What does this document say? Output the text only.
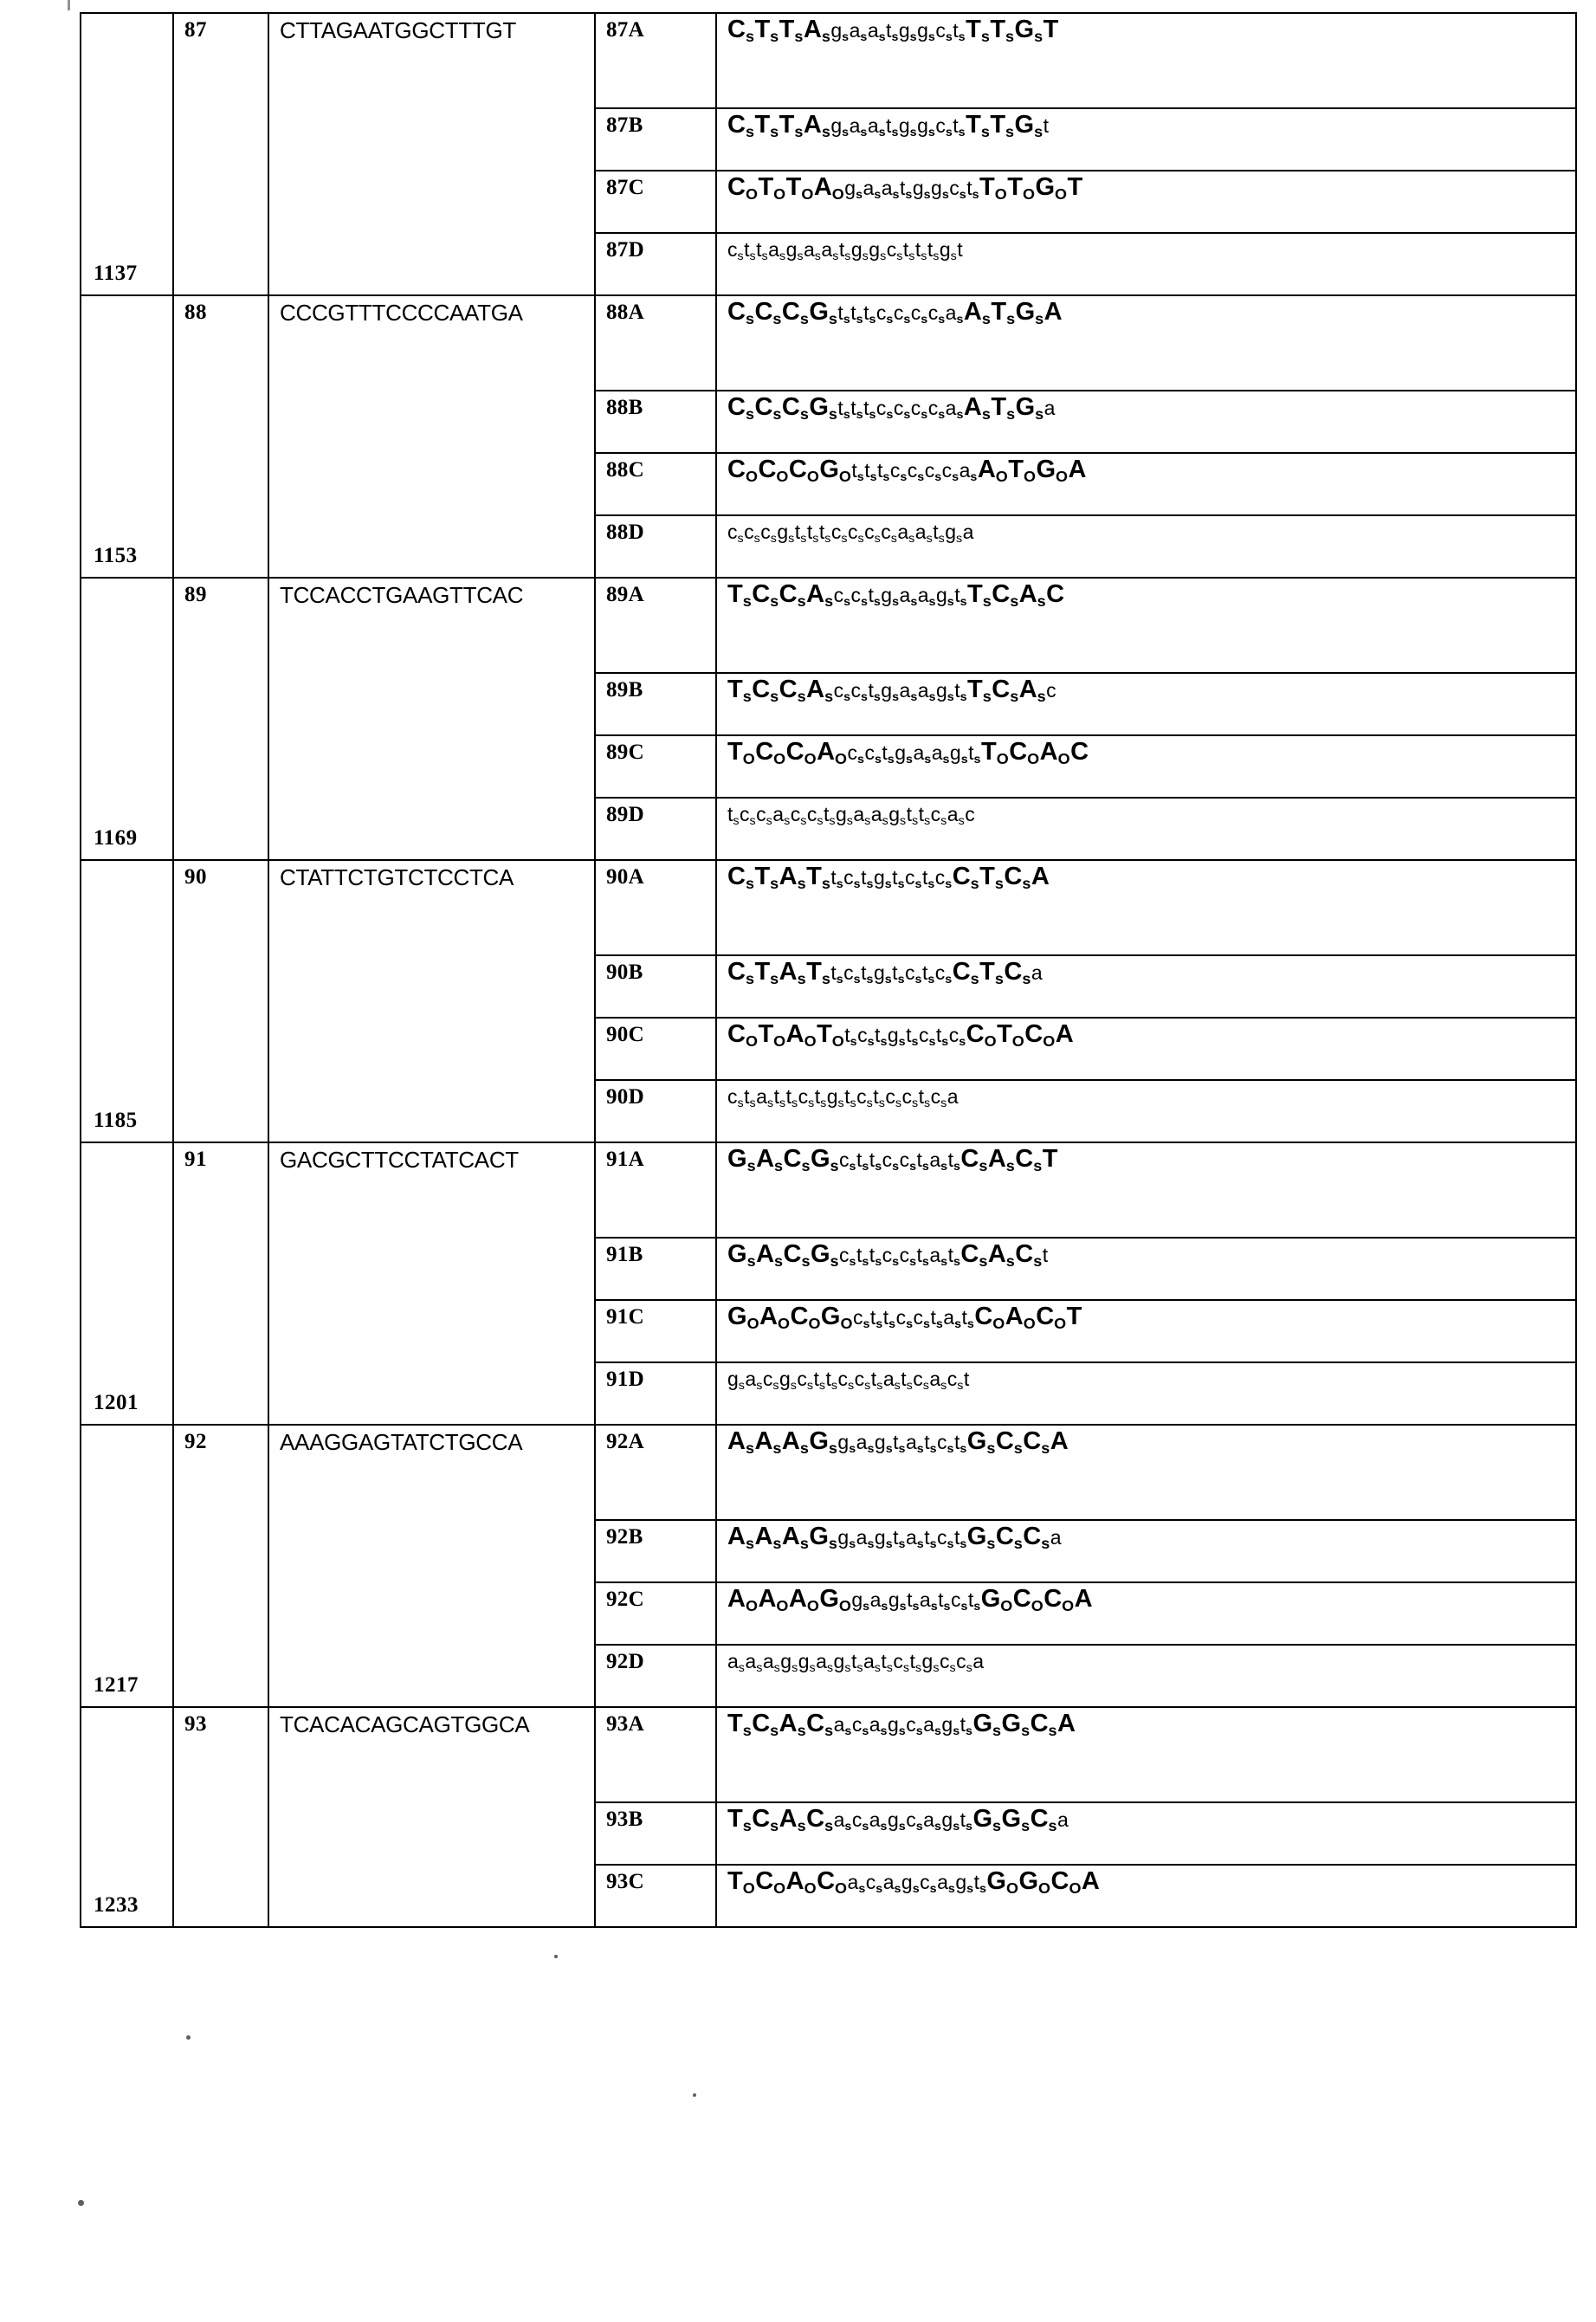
1137	87	CTTAGAATGGCTTTGT	87A	$C_sT_sT_sA_sg_sa_sa_st_sg_sg_sc_st_sT_sT_sG_sT$

			87B	$C_sT_sT_sA_sg_sa_sa_st_sg_sg_sc_st_sT_sT_sG_st$

			87C	$C_OT_OT_OA_Og_sa_sa_st_sg_sg_sc_st_sT_OT_OG_OT$

			87D	$c_st_st_sa_sg_sa_sa_st_sg_sg_sc_st_st_st_sg_st$

1153	88	CCCGTTTCCCCAATGA	88A	$C_sC_sC_sG_st_st_st_sc_sc_sc_sc_sa_sA_sT_sG_sA$

			88B	$C_sC_sC_sG_st_st_st_sc_sc_sc_sc_sa_sA_sT_sG_sa$

			88C	$C_OC_OC_OG_Ot_st_st_sc_sc_sc_sc_sa_sA_OT_OG_OA$

			88D	$c_sc_sc_sg_st_st_st_sc_sc_sc_sc_sa_sa_st_sg_sa$

1169	89	TCCACCTGAAGTTCAC	89A	$T_sC_sC_sA_sc_sc_st_sg_sa_sa_sg_st_sT_sC_sA_sC$

			89B	$T_sC_sC_sA_sc_sc_st_sg_sa_sa_sg_st_sT_sC_sA_sc$

			89C	$T_OC_OC_OA_Oc_sc_st_sg_sa_sa_sg_st_sT_OC_OA_OC$

			89D	$t_sc_sc_sa_sc_sc_st_sg_sa_sa_sg_st_st_sc_sa_sc$

1185	90	CTATTCTGTCTCCTCA	90A	$C_sT_sA_sT_st_sc_st_sg_st_sc_st_sc_sC_sT_sC_sA$

			90B	$C_sT_sA_sT_st_sc_st_sg_st_sc_st_sc_sC_sT_sC_sa$

			90C	$C_OT_OA_OT_Ot_sc_st_sg_st_sc_st_sc_sC_OT_OC_OA$

			90D	$c_st_sa_st_st_sc_st_sg_st_sc_st_sc_sc_st_sc_sa$

1201	91	GACGCTTCCTATCACT	91A	$G_sA_sC_sG_sc_st_st_sc_sc_st_sa_st_sC_sA_sC_sT$

			91B	$G_sA_sC_sG_sc_st_st_sc_sc_st_sa_st_sC_sA_sC_st$

			91C	$G_OA_OC_OG_Oc_st_st_sc_sc_st_sa_st_sC_OA_OC_OT$

			91D	$g_sa_sc_sg_sc_st_st_sc_sc_st_sa_st_sc_sa_sc_st$

1217	92	AAAGGAGTATCTGCCA	92A	$A_sA_sA_sG_sg_sa_sg_st_sa_st_sc_st_sG_sC_sC_sA$

			92B	$A_sA_sA_sG_sg_sa_sg_st_sa_st_sc_st_sG_sC_sC_sa$

			92C	$A_OA_OA_OG_Og_sa_sg_st_sa_st_sc_st_sG_OC_OC_OA$

			92D	$a_sa_sa_sg_sg_sa_sg_st_sa_st_sc_st_sg_sc_sc_sa$

1233	93	TCACACAGCAGTGGCA	93A	$T_sC_sA_sC_sa_sc_sa_sg_sc_sa_sg_st_sG_sG_sC_sA$

			93B	$T_sC_sA_sC_sa_sc_sa_sg_sc_sa_sg_st_sG_sG_sC_sa$

			93C	$T_OC_OA_OC_Oa_sc_sa_sg_sc_sa_sg_st_sG_OG_OC_OA$
